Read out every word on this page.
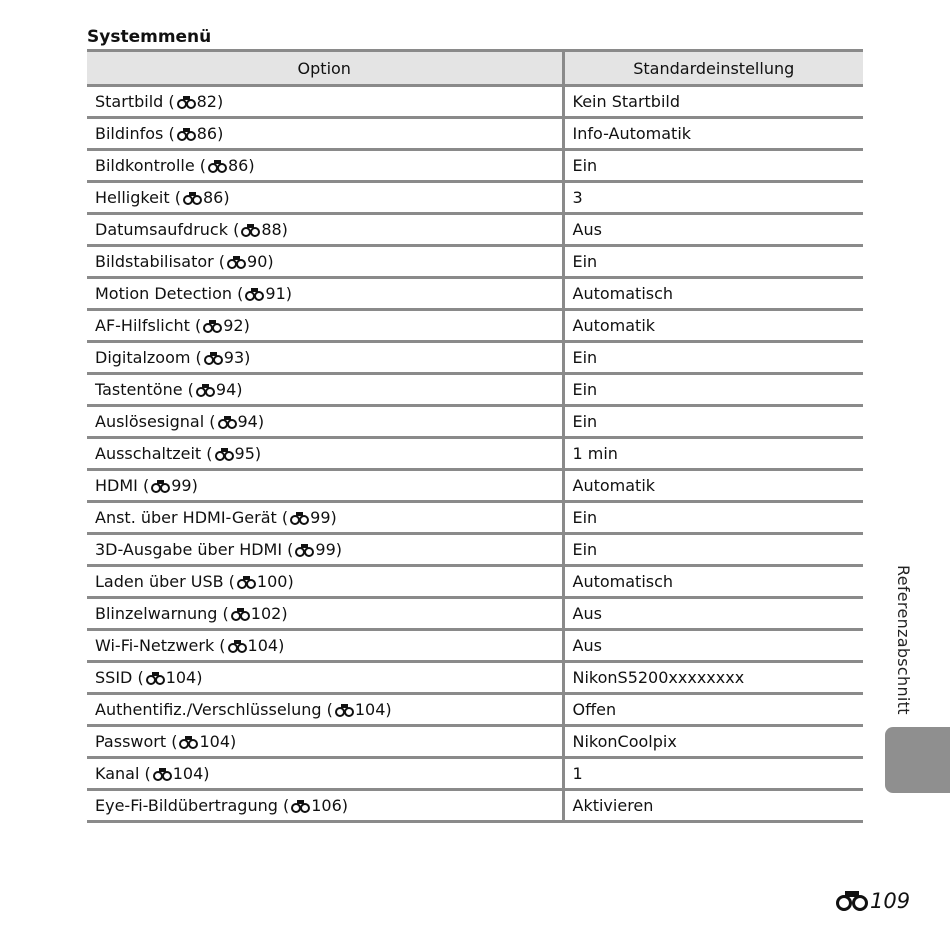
Systemmenü
Option	Standardeinstellung
Startbild ( 82)	Kein Startbild
Bildinfos ( 86)	Info-Automatik
Bildkontrolle ( 86)	Ein
Helligkeit ( 86)	3
Datumsaufdruck ( 88)	Aus
Bildstabilisator ( 90)	Ein
Motion Detection ( 91)	Automatisch
AF-Hilfslicht ( 92)	Automatik
Digitalzoom ( 93)	Ein
Tastentöne ( 94)	Ein
Auslösesignal ( 94)	Ein
Ausschaltzeit ( 95)	1 min
HDMI ( 99)	Automatik
Anst. über HDMI-Gerät ( 99)	Ein
3D-Ausgabe über HDMI ( 99)	Ein
Laden über USB ( 100)	Automatisch
Blinzelwarnung ( 102)	Aus
Wi-Fi-Netzwerk ( 104)	Aus
SSID ( 104)	NikonS5200xxxxxxxx
Authentifiz./Verschlüsselung ( 104)	Offen
Passwort ( 104)	NikonCoolpix
Kanal ( 104)	1
Eye-Fi-Bildübertragung ( 106)	Aktivieren
Referenzabschnitt
109
